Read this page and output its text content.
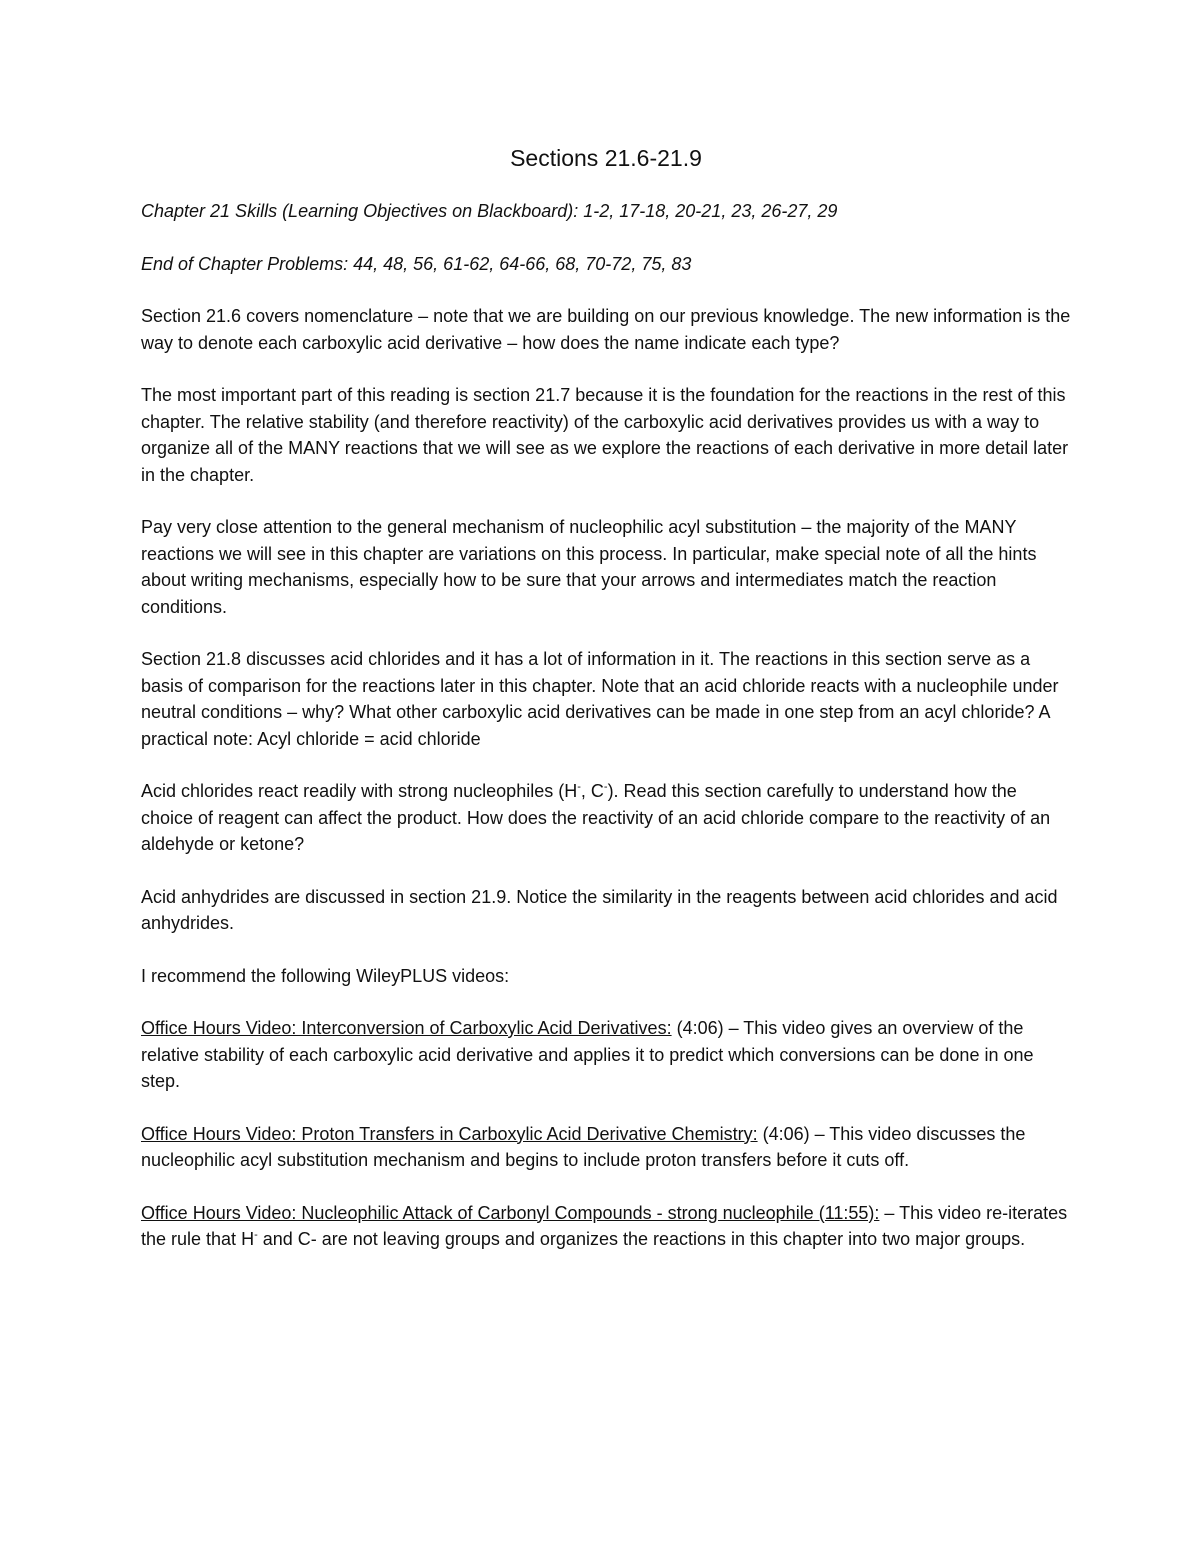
Sections 21.6-21.9

Chapter 21 Skills (Learning Objectives on Blackboard): 1-2, 17-18, 20-21, 23, 26-27, 29

End of Chapter Problems: 44, 48, 56, 61-62, 64-66, 68, 70-72, 75, 83

Section 21.6 covers nomenclature – note that we are building on our previous knowledge. The new information is the way to denote each carboxylic acid derivative – how does the name indicate each type?

The most important part of this reading is section 21.7 because it is the foundation for the reactions in the rest of this chapter. The relative stability (and therefore reactivity) of the carboxylic acid derivatives provides us with a way to organize all of the MANY reactions that we will see as we explore the reactions of each derivative in more detail later in the chapter.

Pay very close attention to the general mechanism of nucleophilic acyl substitution – the majority of the MANY reactions we will see in this chapter are variations on this process. In particular, make special note of all the hints about writing mechanisms, especially how to be sure that your arrows and intermediates match the reaction conditions.

Section 21.8 discusses acid chlorides and it has a lot of information in it. The reactions in this section serve as a basis of comparison for the reactions later in this chapter. Note that an acid chloride reacts with a nucleophile under neutral conditions – why? What other carboxylic acid derivatives can be made in one step from an acyl chloride? A practical note: Acyl chloride = acid chloride

Acid chlorides react readily with strong nucleophiles (H-, C-). Read this section carefully to understand how the choice of reagent can affect the product. How does the reactivity of an acid chloride compare to the reactivity of an aldehyde or ketone?

Acid anhydrides are discussed in section 21.9. Notice the similarity in the reagents between acid chlorides and acid anhydrides.

I recommend the following WileyPLUS videos:

Office Hours Video: Interconversion of Carboxylic Acid Derivatives: (4:06) – This video gives an overview of the relative stability of each carboxylic acid derivative and applies it to predict which conversions can be done in one step.

Office Hours Video: Proton Transfers in Carboxylic Acid Derivative Chemistry: (4:06) – This video discusses the nucleophilic acyl substitution mechanism and begins to include proton transfers before it cuts off.

Office Hours Video: Nucleophilic Attack of Carbonyl Compounds - strong nucleophile (11:55): – This video re-iterates the rule that H- and C- are not leaving groups and organizes the reactions in this chapter into two major groups.
